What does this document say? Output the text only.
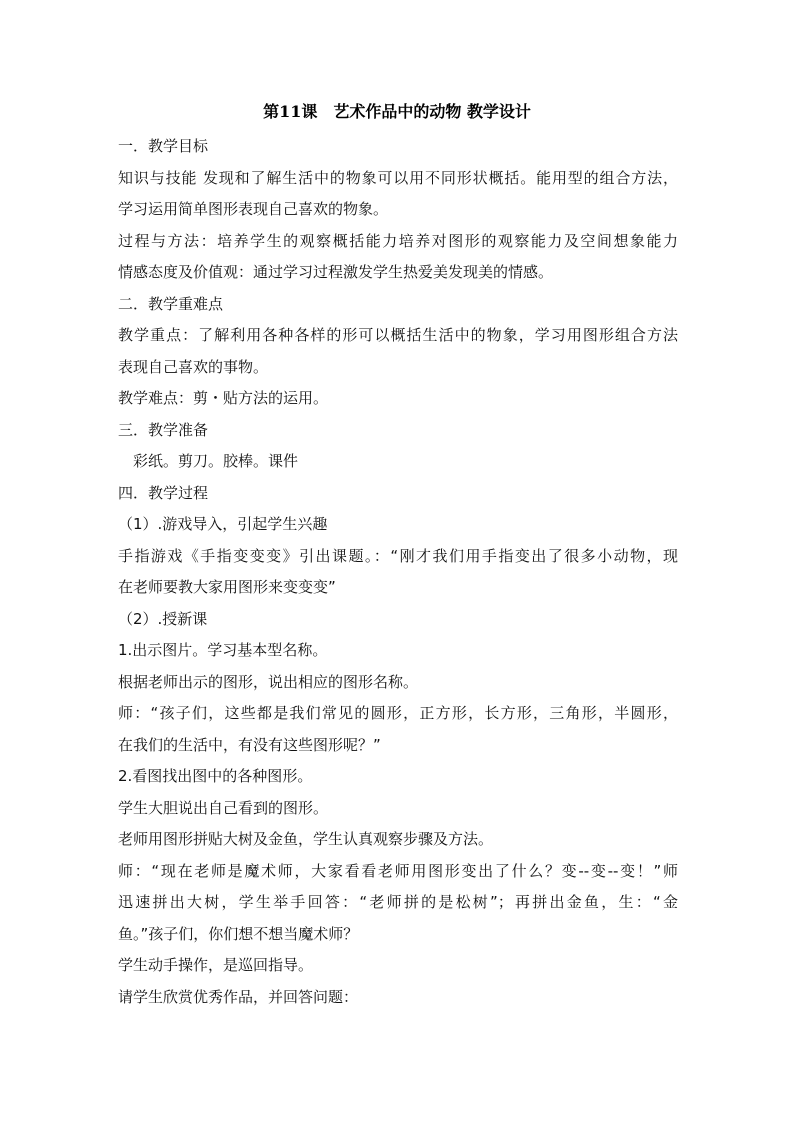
第11课　艺术作品中的动物 教学设计
一．教学目标
知识与技能 发现和了解生活中的物象可以用不同形状概括。能用型的组合方法，
学习运用简单图形表现自己喜欢的物象。
过程与方法：培养学生的观察概括能力培养对图形的观察能力及空间想象能力
情感态度及价值观：通过学习过程激发学生热爱美发现美的情感。
二．教学重难点
教学重点：了解利用各种各样的形可以概括生活中的物象，学习用图形组合方法
表现自己喜欢的事物。
教学难点：剪・贴方法的运用。
三．教学准备
彩纸。剪刀。胶棒。课件
四．教学过程
（1）.游戏导入，引起学生兴趣
手指游戏《手指变变变》引出课题。：“刚才我们用手指变出了很多小动物，现
在老师要教大家用图形来变变变”
（2）.授新课
1.出示图片。学习基本型名称。
根据老师出示的图形，说出相应的图形名称。
师：“孩子们，这些都是我们常见的圆形，正方形，长方形，三角形，半圆形，
在我们的生活中，有没有这些图形呢？”
2.看图找出图中的各种图形。
学生大胆说出自己看到的图形。
老师用图形拼贴大树及金鱼，学生认真观察步骤及方法。
师：“现在老师是魔术师，大家看看老师用图形变出了什么？变--变--变！”师
迅速拼出大树，学生举手回答：“老师拼的是松树”；再拼出金鱼，生：“金
鱼。”孩子们，你们想不想当魔术师？
学生动手操作，是巡回指导。
请学生欣赏优秀作品，并回答问题：
